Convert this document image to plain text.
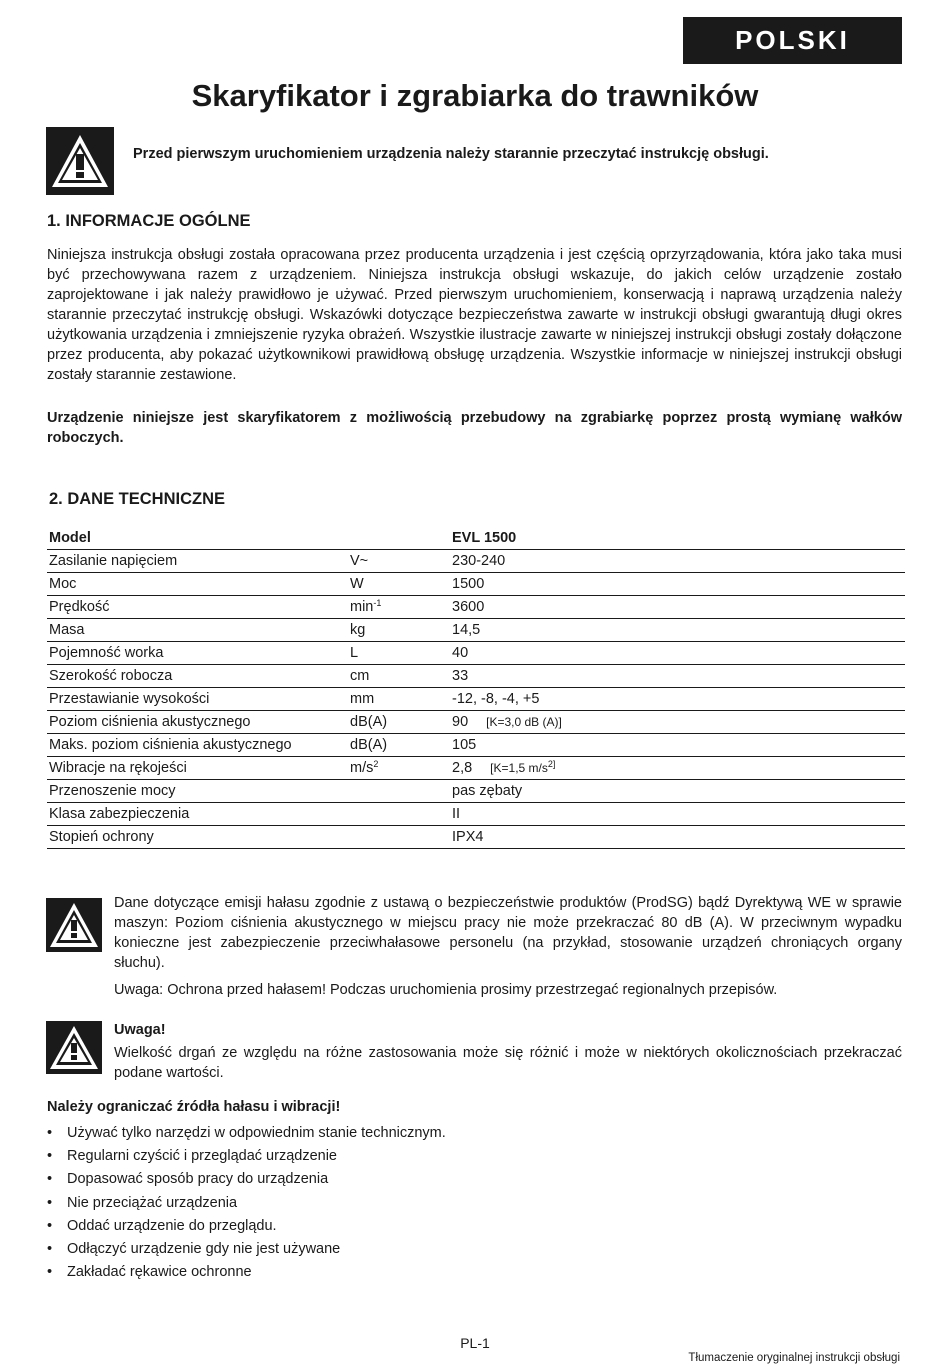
POLSKI
Skaryfikator i zgrabiarka do trawników
Przed pierwszym uruchomieniem urządzenia należy starannie przeczytać instrukcję obsługi.
1. INFORMACJE OGÓLNE

Niniejsza instrukcja obsługi została opracowana przez producenta urządzenia i jest częścią oprzyrządowania, która jako taka musi być przechowywana razem z urządzeniem. Niniejsza instrukcja obsługi wskazuje, do jakich celów urządzenie zostało zaprojektowane i jak należy prawidłowo je używać. Przed pierwszym uruchomieniem, konserwacją i naprawą urządzenia należy starannie przeczytać instrukcję obsługi. Wskazówki dotyczące bezpieczeństwa zawarte w instrukcji obsługi gwarantują długi okres użytkowania urządzenia i zmniejszenie ryzyka obrażeń. Wszystkie ilustracje zawarte w niniejszej instrukcji obsługi zostały dołączone przez producenta, aby pokazać użytkownikowi prawidłową obsługę urządzenia. Wszystkie informacje w niniejszej instrukcji obsługi zostały starannie zestawione.

Urządzenie niniejsze jest skaryfikatorem z możliwością przebudowy na zgrabiarkę poprzez prostą wymianę wałków roboczych.

2. DANE TECHNICZNE
Model		EVL 1500
Zasilanie napięciem	V~	230-240
Moc	W	1500
Prędkość	$\min^{-1}$	3600
Masa	kg	14,5
Pojemność worka	L	40
Szerokość robocza	cm	33
Przestawianie wysokości	mm	-12, -8, -4, +5
Poziom ciśnienia akustycznego	dB(A)	90 [K=3,0 dB (A)]
Maks. poziom ciśnienia akustycznego	dB(A)	105
Wibracje na rękojeści	$m/s^2$	2,8 [K=1,5 $m/s^{2]}$
Przenoszenie mocy		pas zębaty
Klasa zabezpieczenia		II
Stopień ochrony		IPX4

Dane dotyczące emisji hałasu zgodnie z ustawą o bezpieczeństwie produktów (ProdSG) bądź Dyrektywą WE w sprawie maszyn: Poziom ciśnienia akustycznego w miejscu pracy nie może przekraczać 80 dB (A). W przeciwnym wypadku konieczne jest zabezpieczenie przeciwhałasowe personelu (na przykład, stosowanie urządzeń chroniących organy słuchu).

Uwaga: Ochrona przed hałasem! Podczas uruchomienia prosimy przestrzegać regionalnych przepisów.

Uwaga!

Wielkość drgań ze względu na różne zastosowania może się różnić i może w niektórych okolicznościach przekraczać podane wartości.

Należy ograniczać źródła hałasu i wibracji!

•	Używać tylko narzędzi w odpowiednim stanie technicznym.
•	Regularni czyścić i przeglądać urządzenie
•	Dopasować sposób pracy do urządzenia
•	Nie przeciążać urządzenia
•	Oddać urządzenie do przeglądu.
•	Odłączyć urządzenie gdy nie jest używane
•	Zakładać rękawice ochronne
PL-1
Tłumaczenie oryginalnej instrukcji obsługi
